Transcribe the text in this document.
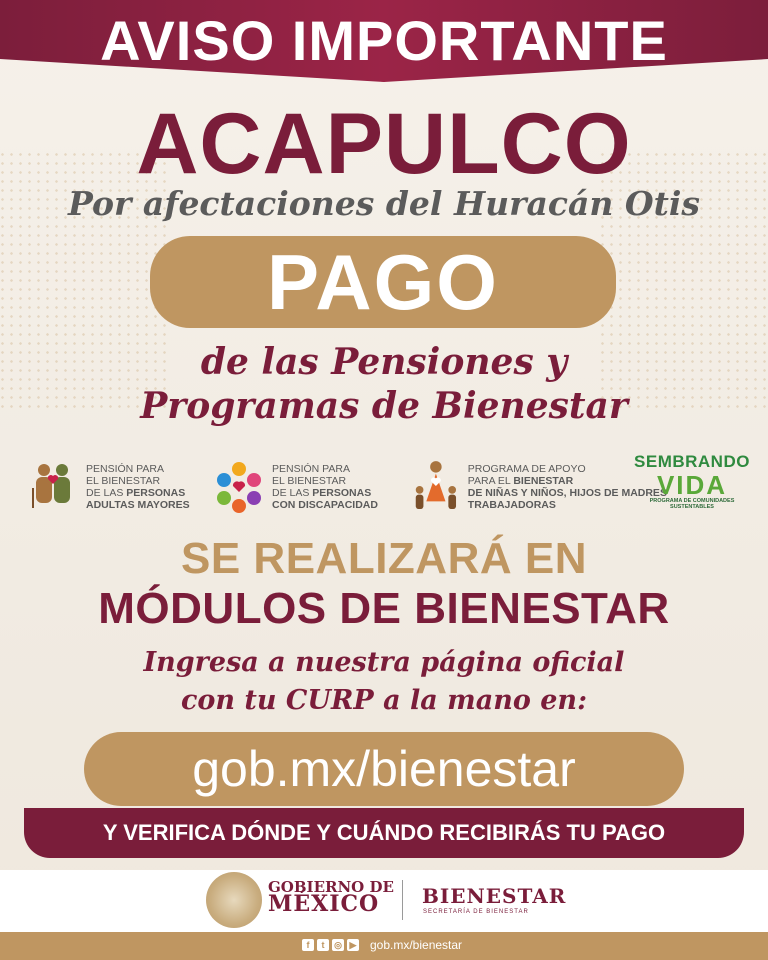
AVISO IMPORTANTE
ACAPULCO
Por afectaciones del Huracán Otis
PAGO
de las Pensiones y
Programas de Bienestar
PENSIÓN PARA
EL BIENESTAR
DE LAS PERSONAS
ADULTAS MAYORES
PENSIÓN PARA
EL BIENESTAR
DE LAS PERSONAS
CON DISCAPACIDAD
PROGRAMA DE APOYO
PARA EL BIENESTAR
DE NIÑAS Y NIÑOS, HIJOS DE MADRES TRABAJADORAS
SEMBRANDO
VIDA
PROGRAMA DE COMUNIDADES SUSTENTABLES
SE REALIZARÁ EN
MÓDULOS DE BIENESTAR
Ingresa a nuestra página oficial
con tu CURP a la mano en:
gob.mx/bienestar
Y VERIFICA DÓNDE Y CUÁNDO RECIBIRÁS TU PAGO
GOBIERNO DE
MÉXICO	BIENESTAR
SECRETARÍA DE BIENESTAR
f	t	◎ ▶ gob.mx/bienestar
